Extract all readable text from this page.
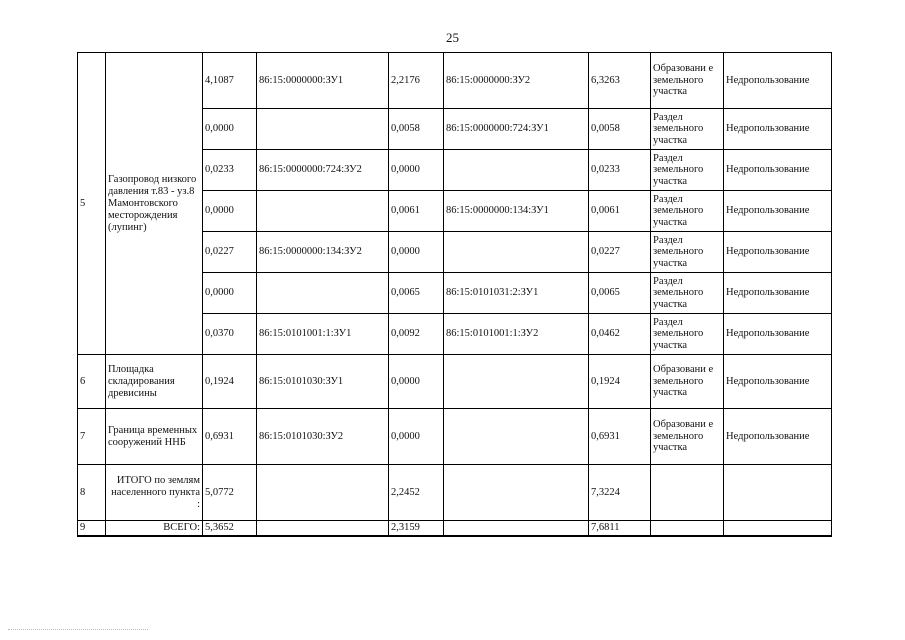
25
5	Газопровод низкого давления т.83 - уз.8 Мамонтовского месторождения (лупинг)	4,1087	86:15:0000000:ЗУ1	2,2176	86:15:0000000:ЗУ2	6,3263	Образовани е земельного участка	Недропользование
		0,0000		0,0058	86:15:0000000:724:ЗУ1	0,0058	Раздел земельного участка	Недропользование
		0,0233	86:15:0000000:724:ЗУ2	0,0000		0,0233	Раздел земельного участка	Недропользование
		0,0000		0,0061	86:15:0000000:134:ЗУ1	0,0061	Раздел земельного участка	Недропользование
		0,0227	86:15:0000000:134:ЗУ2	0,0000		0,0227	Раздел земельного участка	Недропользование
		0,0000		0,0065	86:15:0101031:2:ЗУ1	0,0065	Раздел земельного участка	Недропользование
		0,0370	86:15:0101001:1:ЗУ1	0,0092	86:15:0101001:1:ЗУ2	0,0462	Раздел земельного участка	Недропользование
6	Площадка складирования древисины	0,1924	86:15:0101030:ЗУ1	0,0000		0,1924	Образовани е земельного участка	Недропользование
7	Граница временных сооружений ННБ	0,6931	86:15:0101030:ЗУ2	0,0000		0,6931	Образовани е земельного участка	Недропользование
8	ИТОГО по землям населенного пункта :	5,0772		2,2452		7,3224		
9	ВСЕГО:	5,3652		2,3159		7,6811		
